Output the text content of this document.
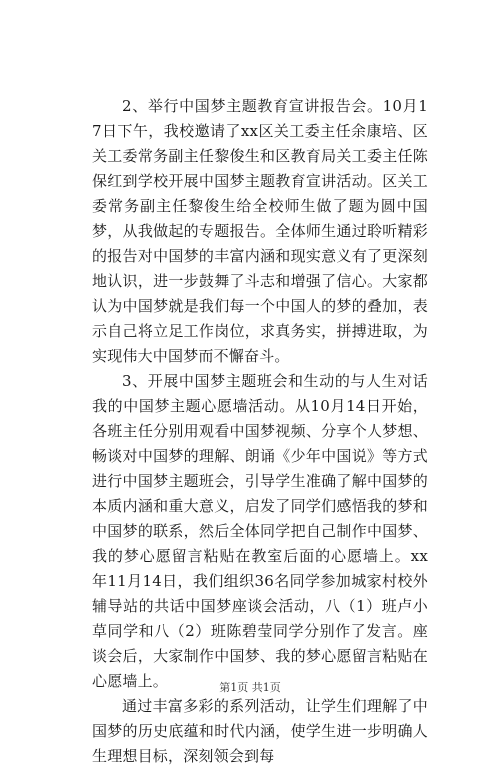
2、举行中国梦主题教育宣讲报告会。10月17日下午，我校邀请了xx区关工委主任余康培、区关工委常务副主任黎俊生和区教育局关工委主任陈保红到学校开展中国梦主题教育宣讲活动。区关工委常务副主任黎俊生给全校师生做了题为圆中国梦，从我做起的专题报告。全体师生通过聆听精彩的报告对中国梦的丰富内涵和现实意义有了更深刻地认识，进一步鼓舞了斗志和增强了信心。大家都认为中国梦就是我们每一个中国人的梦的叠加，表示自己将立足工作岗位，求真务实，拼搏进取，为实现伟大中国梦而不懈奋斗。

3、开展中国梦主题班会和生动的与人生对话我的中国梦主题心愿墙活动。从10月14日开始，各班主任分别用观看中国梦视频、分享个人梦想、畅谈对中国梦的理解、朗诵《少年中国说》等方式进行中国梦主题班会，引导学生准确了解中国梦的本质内涵和重大意义，启发了同学们感悟我的梦和中国梦的联系，然后全体同学把自己制作中国梦、我的梦心愿留言粘贴在教室后面的心愿墙上。xx年11月14日，我们组织36名同学参加城家村校外辅导站的共话中国梦座谈会活动，八（1）班卢小草同学和八（2）班陈碧莹同学分别作了发言。座谈会后，大家制作中国梦、我的梦心愿留言粘贴在心愿墙上。

通过丰富多彩的系列活动，让学生们理解了中国梦的历史底蕴和时代内涵，使学生进一步明确人生理想目标，深刻领会到每

第1页 共1页
